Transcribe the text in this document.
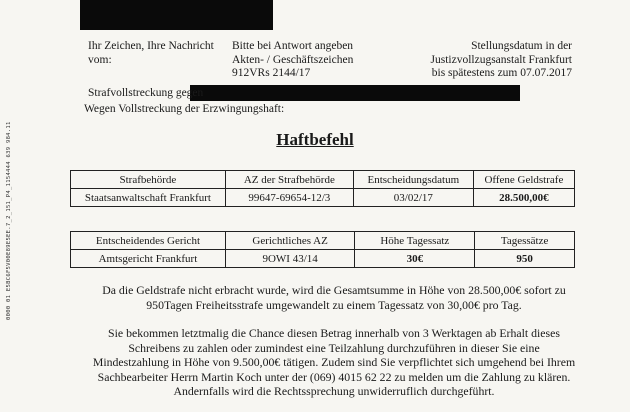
0000 01 E5BC6F5V00E89E5EE.7_2_151_P4_1154444 639 984.11
Ihr Zeichen, Ihre Nachricht
vom:
Bitte bei Antwort angeben
Akten- / Geschäftszeichen
912VRs 2144/17
Stellungsdatum in der
Justizvollzugsanstalt Frankfurt
bis spätestens zum 07.07.2017
Strafvollstreckung gegen
Wegen Vollstreckung der Erzwingungshaft:
Haftbefehl
Strafbehörde	AZ der Strafbehörde	Entscheidungsdatum	Offene Geldstrafe
Staatsanwaltschaft Frankfurt	99647-69654-12/3	03/02/17	28.500,00€
Entscheidendes Gericht	Gerichtliches AZ	Höhe Tagessatz	Tagessätze
Amtsgericht Frankfurt	9OWI 43/14	30€	950
Da die Geldstrafe nicht erbracht wurde, wird die Gesamtsumme in Höhe von 28.500,00€ sofort zu
950Tagen Freiheitsstrafe umgewandelt zu einem Tagessatz von 30,00€ pro Tag.
Sie bekommen letztmalig die Chance diesen Betrag innerhalb von 3 Werktagen ab Erhalt dieses
Schreibens zu zahlen oder zumindest eine Teilzahlung durchzuführen in dieser Sie eine
Mindestzahlung in Höhe von 9.500,00€ tätigen. Zudem sind Sie verpflichtet sich umgehend bei Ihrem
Sachbearbeiter Herrn Martin Koch unter der (069) 4015 62 22 zu melden um die Zahlung zu klären.
Andernfalls wird die Rechtssprechung unwiderruflich durchgeführt.
